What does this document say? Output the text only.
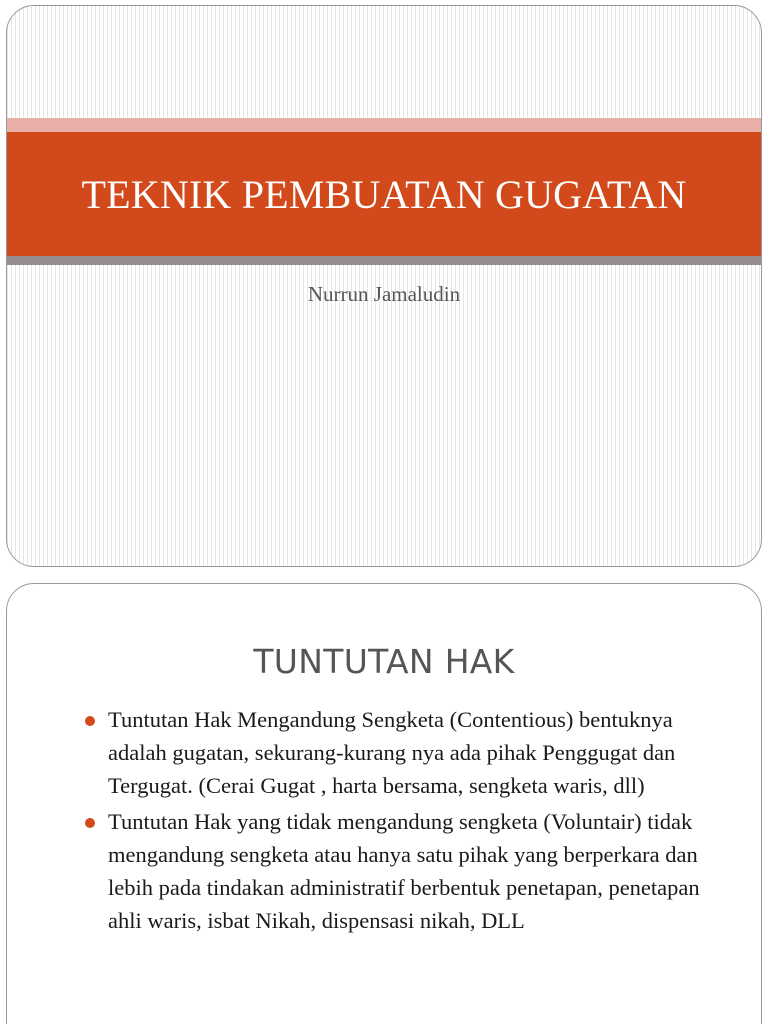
TEKNIK PEMBUATAN GUGATAN
Nurrun Jamaludin
TUNTUTAN HAK
Tuntutan Hak Mengandung Sengketa (Contentious) bentuknya adalah gugatan, sekurang-kurang nya ada pihak Penggugat dan Tergugat. (Cerai Gugat , harta bersama, sengketa waris, dll)
Tuntutan Hak yang tidak mengandung sengketa (Voluntair) tidak mengandung sengketa atau hanya satu pihak yang berperkara dan lebih pada tindakan administratif berbentuk penetapan, penetapan ahli waris, isbat Nikah, dispensasi nikah, DLL
